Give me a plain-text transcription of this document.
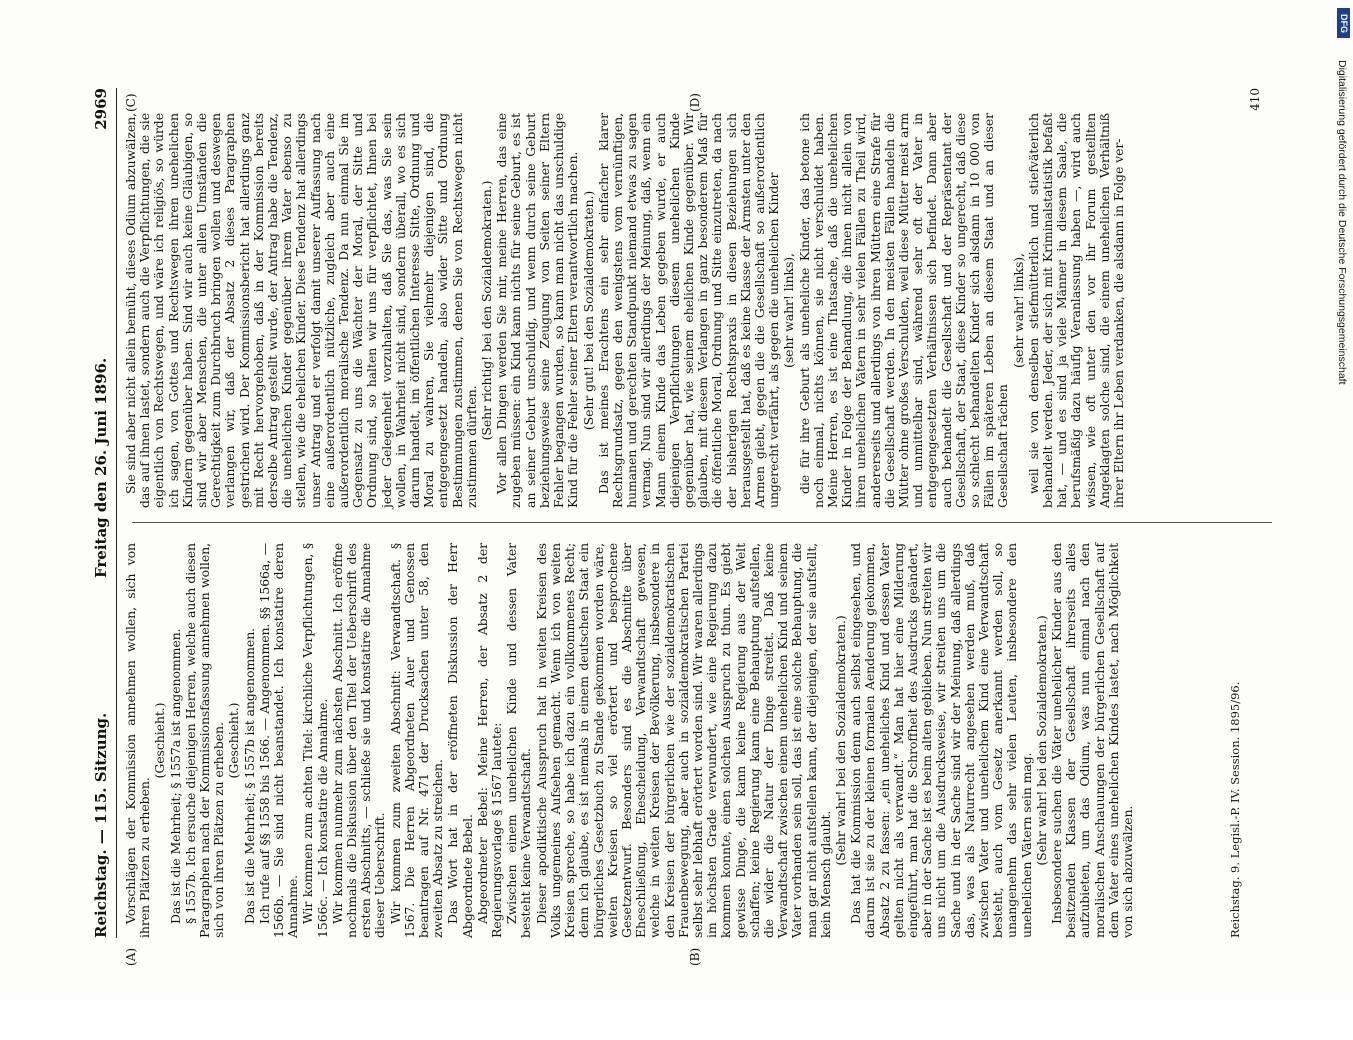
Reichstag. — 115. Sitzung.
Freitag den 26. Juni 1896.
2969
(A)	(B)
(C)	(D)

Vorschlägen der Kommission annehmen wollen, sich von ihren Plätzen zu erheben.

(Geschieht.) Das ist die Mehrheit; § 1557a ist angenommen. § 1557b. Ich ersuche diejenigen Herren, welche auch diesen Paragraphen nach der Kommissionsfassung annehmen wollen, sich von ihren Plätzen zu erheben. (Geschieht.) Das ist die Mehrheit; § 1557b ist angenommen. Ich rufe auf §§ 1558 bis 1566. — Angenommen. §§ 1566a, — 1566b. — Sie sind nicht beanstandet. Ich konstatire deren Annahme. Wir kommen zum achten Titel: kirchliche Verpflichtungen, § 1566c. — Ich konstatire die Annahme. Wir kommen nunmehr zum nächsten Abschnitt. Ich eröffne nochmals die Diskussion über den Titel der Ueberschrift des ersten Abschnitts, — schließe sie und konstatire die Annahme dieser Ueberschrift. Wir kommen zum zweiten Abschnitt: Verwandtschaft. § 1567. Die Herren Abgeordneten Auer und Genossen beantragen auf Nr. 471 der Drucksachen unter 58, den zweiten Absatz zu streichen. Das Wort hat in der eröffneten Diskussion der Herr Abgeordnete Bebel. Abgeordneter Bebel: Meine Herren, der Absatz 2 der Regierungsvorlage § 1567 lautete: Zwischen einem unehelichen Kinde und dessen Vater besteht keine Verwandtschaft. Dieser apodiktische Ausspruch hat in weiten Kreisen des Volks ungemeines Aufsehen gemacht. Wenn ich von weiten Kreisen spreche, so habe ich dazu ein vollkommenes Recht; denn ich glaube, es ist niemals in einem deutschen Staat ein bürgerliches Gesetzbuch zu Stande gekommen worden wäre, weiten Kreisen so viel erörtert und besprochene Gesetzentwurf. Besonders sind es die Abschnitte über Eheschließung, Ehescheidung, Verwandtschaft gewesen, welche in weiten Kreisen der Bevölkerung, insbesondere in den Kreisen der bürgerlichen wie der sozialdemokratischen Frauenbewegung, aber auch in sozialdemokratischen Partei selbst sehr lebhaft erörtert worden sind. Wir waren allerdings im höchsten Grade verwundert, wie eine Regierung dazu kommen konnte, einen solchen Ausspruch zu thun. Es giebt gewisse Dinge, die kann keine Regierung aus der Welt schaffen; keine Regierung kann eine Behauptung aufstellen, die wider die Natur der Dinge streitet. Daß keine Verwandtschaft zwischen einem unehelichen Kind und seinem Vater vorhanden sein soll, das ist eine solche Behauptung, die man gar nicht aufstellen kann, der diejenigen, der sie aufstellt, kein Mensch glaubt.

(Sehr wahr! bei den Sozialdemokraten.) Das hat die Kommission denn auch selbst eingesehen, und darum ist sie zu der kleinen formalen Aenderung gekommen, Absatz 2 zu fassen: „ein uneheliches Kind und dessen Vater gelten nicht als verwandt.“ Man hat hier eine Milderung eingeführt, man hat die Schroffheit des Ausdrucks geändert, aber in der Sache ist es beim alten geblieben. Nun streiten wir uns nicht um die Ausdrucksweise, wir streiten uns um die Sache und in der Sache sind wir der Meinung, daß allerdings das, was als Naturrecht angesehen werden muß, daß zwischen Vater und unehelichem Kind eine Verwandtschaft besteht, auch vom Gesetz anerkannt werden soll, so unangenehm das sehr vielen Leuten, insbesondere den unehelichen Vätern sein mag. (Sehr wahr! bei den Sozialdemokraten.) Insbesondere suchen die Väter unehelicher Kinder aus den besitzenden Klassen der Gesellschaft ihrerseits alles aufzubieten, um das Odium, was nun einmal nach den moralischen Anschauungen der bürgerlichen Gesellschaft auf dem Vater eines unehelichen Kindes lastet, nach Möglichkeit von sich abzuwälzen.

Sie sind aber nicht allein bemüht, dieses Odium abzuwälzen, das auf ihnen lastet, sondern auch die Verpflichtungen, die sie eigentlich von Rechtswegen, und wäre ich religiös, so würde ich sagen, von Gottes und Rechtswegen ihren unehelichen Kindern gegenüber haben. Sind wir auch keine Gläubigen, so sind wir aber Menschen, die unter allen Umständen die Gerechtigkeit zum Durchbruch bringen wollen und deswegen verlangen wir, daß der Absatz 2 dieses Paragraphen gestrichen wird. Der Kommissionsbericht hat allerdings ganz mit Recht hervorgehoben, daß in der Kommission bereits derselbe Antrag gestellt wurde, der Antrag habe die Tendenz, die unehelichen Kinder gegenüber ihrem Vater ebenso zu stellen, wie die ehelichen Kinder. Diese Tendenz hat allerdings unser Antrag und er verfolgt damit unserer Auffassung nach eine außerordentlich nützliche, zugleich aber auch eine außerordentlich moralische Tendenz. Da nun einmal Sie im Gegensatz zu uns die Wächter der Moral, der Sitte und Ordnung sind, so halten wir uns für verpflichtet, Ihnen bei jeder Gelegenheit vorzuhalten, daß Sie das, was Sie sein wollen, in Wahrheit nicht sind, sondern überall, wo es sich darum handelt, im öffentlichen Interesse Sitte, Ordnung und Moral zu wahren, Sie vielmehr diejenigen sind, die entgegengesetzt handeln, also wider Sitte und Ordnung Bestimmungen zustimmen, denen Sie von Rechtswegen nicht zustimmen dürften.

(Sehr richtig! bei den Sozialdemokraten.) Vor allen Dingen werden Sie mir, meine Herren, das eine zugeben müssen: ein Kind kann nichts für seine Geburt, es ist an seiner Geburt unschuldig, und wenn durch seine Geburt beziehungsweise seine Zeugung von Seiten seiner Eltern Fehler begangen wurden, so kann man nicht das unschuldige Kind für die Fehler seiner Eltern verantwortlich machen. (Sehr gut! bei den Sozialdemokraten.) Das ist meines Erachtens ein sehr einfacher klarer Rechtsgrundsatz, gegen den wenigstens vom vernünftigen, humanen und gerechten Standpunkt niemand etwas zu sagen vermag. Nun sind wir allerdings der Meinung, daß, wenn ein Mann einem Kinde das Leben gegeben wurde, er auch diejenigen Verpflichtungen diesem unehelichen Kinde gegenüber hat, wie seinem ehelichen Kinde gegenüber. Wir glauben, mit diesem Verlangen in ganz besonderem Maß für die öffentliche Moral, Ordnung und Sitte einzutreten, da nach der bisherigen Rechtspraxis in diesen Beziehungen sich herausgestellt hat, daß es keine Klasse der Ärmsten unter den Armen giebt, gegen die die Gesellschaft so außerordentlich ungerecht verfährt, als gegen die unehelichen Kinder (sehr wahr! links), die für ihre Geburt als uneheliche Kinder, das betone ich noch einmal, nichts können, sie nicht verschuldet haben. Meine Herren, es ist eine Thatsache, daß die unehelichen Kinder in Folge der Behandlung, die ihnen nicht allein von ihren unehelichen Vätern in sehr vielen Fällen zu Theil wird, andererseits und allerdings von ihren Müttern eine Strafe für die Gesellschaft werden. In den meisten Fällen handeln die Mütter ohne großes Verschulden, weil diese Mütter meist arm und unmittelbar sind, während sehr oft der Vater in entgegengesetzten Verhältnissen sich befindet. Dann aber auch behandelt die Gesellschaft und der Repräsentant der Gesellschaft, der Staat, diese Kinder so ungerecht, daß diese so schlecht behandelten Kinder sich alsdann in 10 000 von Fällen im späteren Leben an diesem Staat und an dieser Gesellschaft rächen

(sehr wahr! links), weil sie von denselben stiefmütterlich und stiefväterlich behandelt werden. Jeder, der sich mit Kriminalstatistik befaßt hat, — und es sind ja viele Männer in diesem Saale, die berufsmäßig dazu häufig Veranlassung haben —, wird auch wissen, wie oft unter den vor ihr Forum gestellten Angeklagten solche sind, die einem unehelichen Verhältniß ihrer Eltern ihr Leben verdanken, die alsdann in Folge ver-

Reichstag. 9. Legisl.-P. IV. Session. 1895/96.
410	Digitalisierung gefördert durch die Deutsche Forschungsgemeinschaft
DFG
